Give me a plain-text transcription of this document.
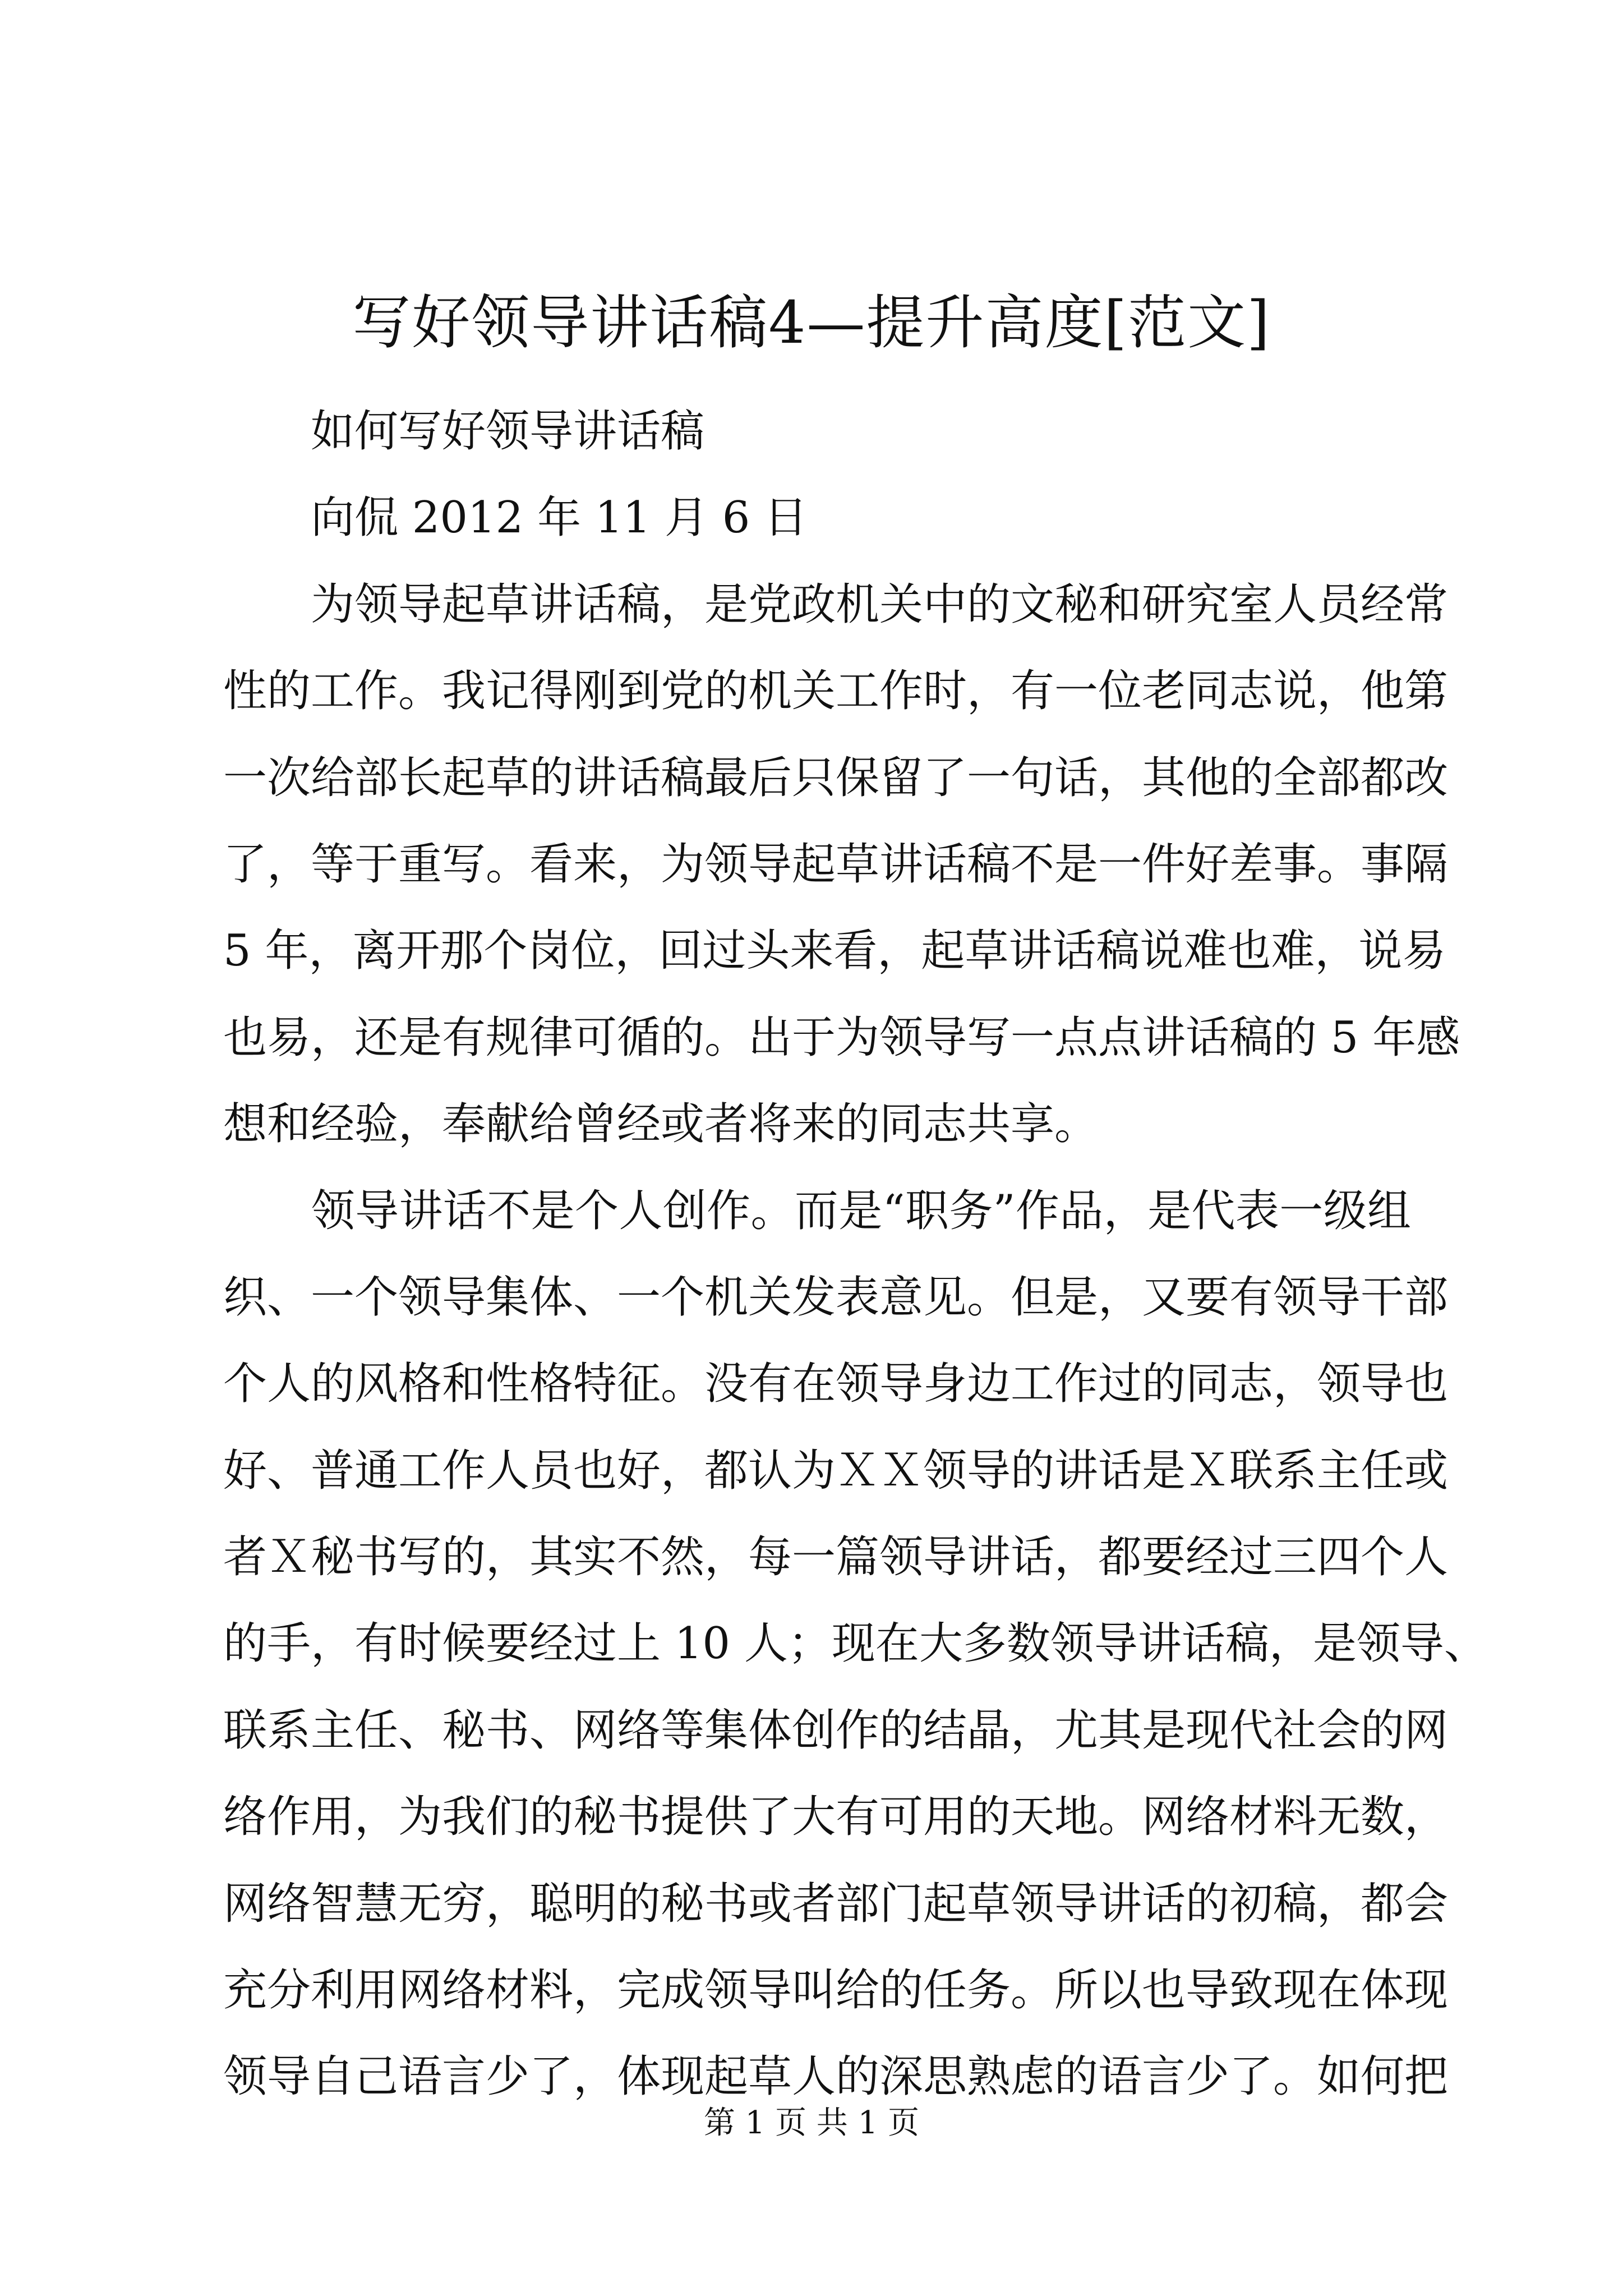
写好领导讲话稿4—提升高度[范文]
　　如何写好领导讲话稿
　　向侃 2012 年 11 月 6 日
　　为领导起草讲话稿，是党政机关中的文秘和研究室人员经常
性的工作。我记得刚到党的机关工作时，有一位老同志说，他第
一次给部长起草的讲话稿最后只保留了一句话，其他的全部都改
了，等于重写。看来，为领导起草讲话稿不是一件好差事。事隔
5 年，离开那个岗位，回过头来看，起草讲话稿说难也难，说易
也易，还是有规律可循的。出于为领导写一点点讲话稿的 5 年感
想和经验，奉献给曾经或者将来的同志共享。
　　领导讲话不是个人创作。而是“职务”作品，是代表一级组
织、一个领导集体、一个机关发表意见。但是，又要有领导干部
个人的风格和性格特征。没有在领导身边工作过的同志，领导也
好、普通工作人员也好，都认为ＸＸ领导的讲话是Ｘ联系主任或
者Ｘ秘书写的，其实不然，每一篇领导讲话，都要经过三四个人
的手，有时候要经过上 10 人；现在大多数领导讲话稿，是领导、
联系主任、秘书、网络等集体创作的结晶，尤其是现代社会的网
络作用，为我们的秘书提供了大有可用的天地。网络材料无数，
网络智慧无穷，聪明的秘书或者部门起草领导讲话的初稿，都会
充分利用网络材料，完成领导叫给的任务。所以也导致现在体现
领导自己语言少了，体现起草人的深思熟虑的语言少了。如何把
第 1 页 共 1 页
